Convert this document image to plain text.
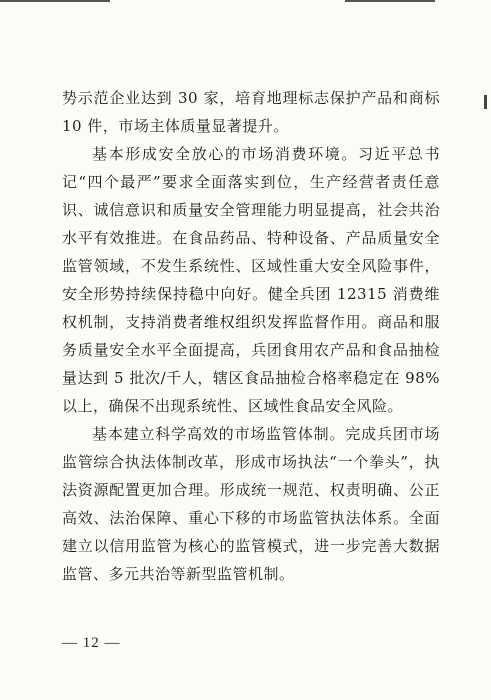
势示范企业达到 30 家，培育地理标志保护产品和商标 10 件，市场主体质量显著提升。

基本形成安全放心的市场消费环境。习近平总书记“四个最严”要求全面落实到位，生产经营者责任意识、诚信意识和质量安全管理能力明显提高，社会共治水平有效推进。在食品药品、特种设备、产品质量安全监管领域，不发生系统性、区域性重大安全风险事件，安全形势持续保持稳中向好。健全兵团 12315 消费维权机制，支持消费者维权组织发挥监督作用。商品和服务质量安全水平全面提高，兵团食用农产品和食品抽检量达到 5 批次/千人，辖区食品抽检合格率稳定在 98%以上，确保不出现系统性、区域性食品安全风险。

基本建立科学高效的市场监管体制。完成兵团市场监管综合执法体制改革，形成市场执法“一个拳头”，执法资源配置更加合理。形成统一规范、权责明确、公正高效、法治保障、重心下移的市场监管执法体系。全面建立以信用监管为核心的监管模式，进一步完善大数据监管、多元共治等新型监管机制。

— 12 —
